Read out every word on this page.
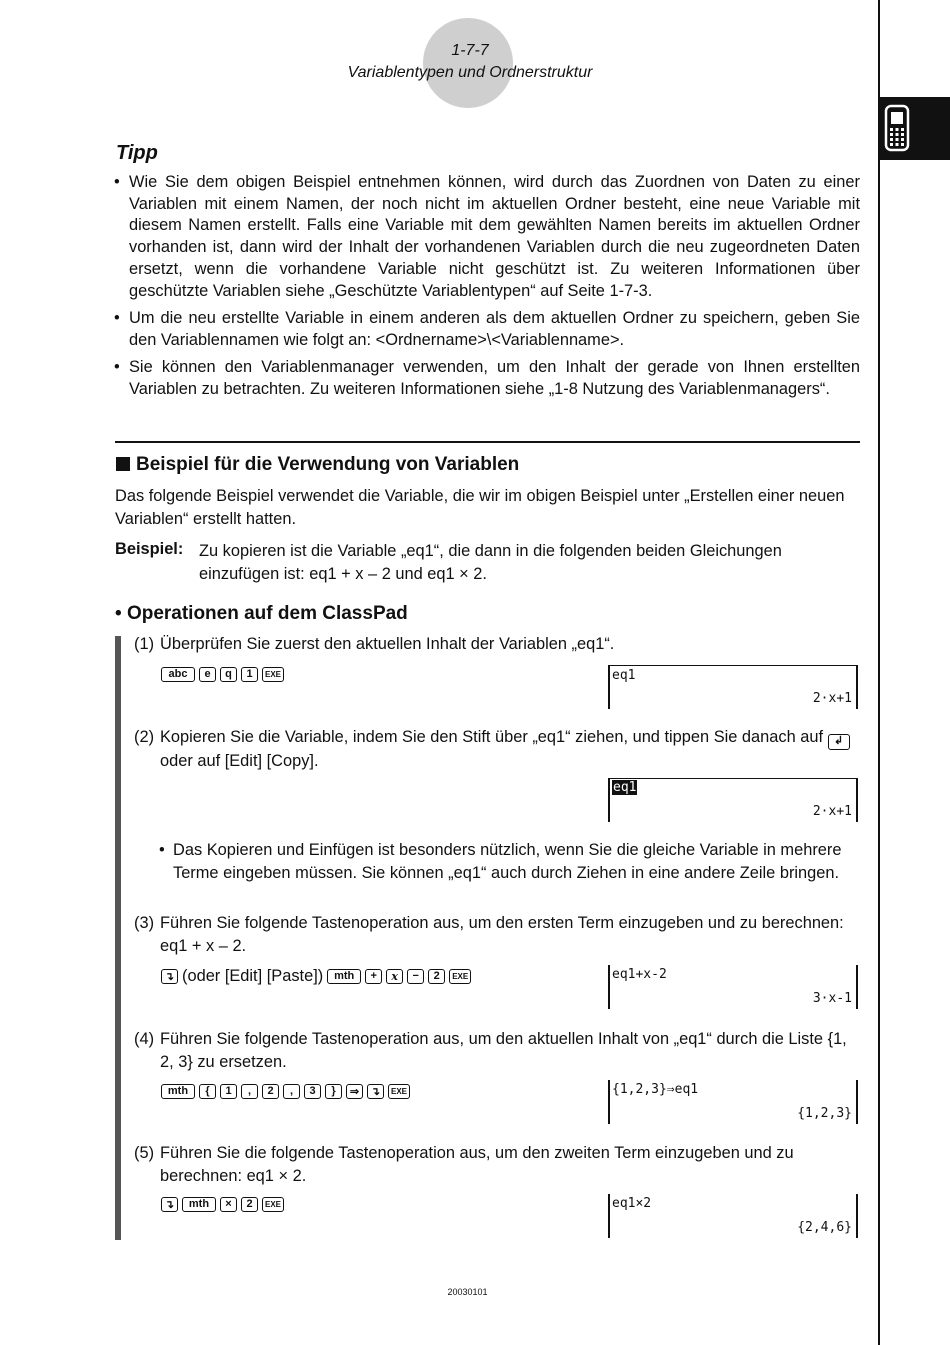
1-7-7
Variablentypen und Ordnerstruktur
Tipp
• Wie Sie dem obigen Beispiel entnehmen können, wird durch das Zuordnen von Daten zu einer Variablen mit einem Namen, der noch nicht im aktuellen Ordner besteht, eine neue Variable mit diesem Namen erstellt. Falls eine Variable mit dem gewählten Namen bereits im aktuellen Ordner vorhanden ist, dann wird der Inhalt der vorhandenen Variablen durch die neu zugeordneten Daten ersetzt, wenn die vorhandene Variable nicht geschützt ist. Zu weiteren Informationen über geschützte Variablen siehe „Geschützte Variablentypen“ auf Seite 1-7-3.
• Um die neu erstellte Variable in einem anderen als dem aktuellen Ordner zu speichern, geben Sie den Variablennamen wie folgt an: <Ordnername>\<Variablenname>.
• Sie können den Variablenmanager verwenden, um den Inhalt der gerade von Ihnen erstellten Variablen zu betrachten. Zu weiteren Informationen siehe „1-8 Nutzung des Variablenmanagers“.
Beispiel für die Verwendung von Variablen
Das folgende Beispiel verwendet die Variable, die wir im obigen Beispiel unter „Erstellen einer neuen Variablen“ erstellt hatten.
Beispiel: Zu kopieren ist die Variable „eq1“, die dann in die folgenden beiden Gleichungen
einzufügen ist: eq1 + x – 2 und eq1 × 2.
• Operationen auf dem ClassPad
(1) Überprüfen Sie zuerst den aktuellen Inhalt der Variablen „eq1“.
abc	e	q	1	EXE	eq1
2·x+1
(2) Kopieren Sie die Variable, indem Sie den Stift über „eq1“ ziehen, und tippen Sie danach auf ↲ oder auf [Edit] [Copy].
eq1
2·x+1
• Das Kopieren und Einfügen ist besonders nützlich, wenn Sie die gleiche Variable in mehrere Terme eingeben müssen. Sie können „eq1“ auch durch Ziehen in eine andere Zeile bringen.
(3) Führen Sie folgende Tastenoperation aus, um den ersten Term einzugeben und zu berechnen: eq1 + x – 2.
↴ (oder [Edit] [Paste]) mth	+	x	−	2	EXE	eq1+x-2
3·x-1
(4) Führen Sie folgende Tastenoperation aus, um den aktuellen Inhalt von „eq1“ durch die Liste {1, 2, 3} zu ersetzen.
mth	{	1	,	2	,	3	}	⇒	↴	EXE	{1,2,3}⇒eq1
{1,2,3}
(5) Führen Sie die folgende Tastenoperation aus, um den zweiten Term einzugeben und zu berechnen: eq1 × 2.
↴	mth	×	2	EXE	eq1×2
{2,4,6}
20030101
